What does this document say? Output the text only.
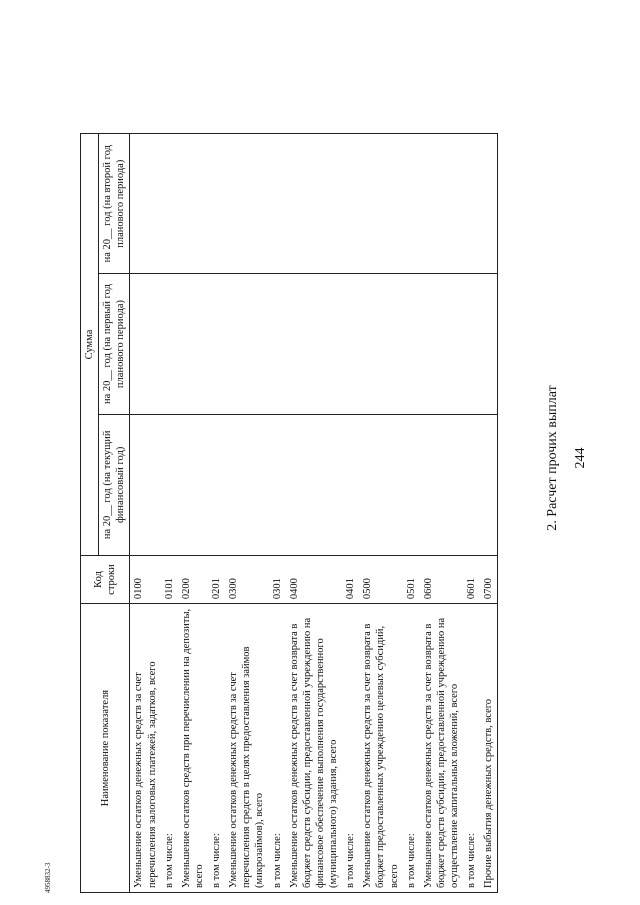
244
2. Расчет прочих выплат
Наименование показателя	Код строки	Сумма		
		на 20__ год (на текущий финансовый год)	на 20__ год (на первый год планового периода)	на 20__ год (на второй год планового периода)
Уменьшение остатков денежных средств за счет перечисления залоговых платежей, задатков, всего	0100			
в том числе:	0101			
Уменьшение остатков средств при перечислении на депозиты, всего	0200			
в том числе:	0201			
Уменьшение остатков денежных средств за счет перечисления средств в целях предоставления займов (микрозаймов), всего	0300			
в том числе:	0301			
Уменьшение остатков денежных средств за счет возврата в бюджет средств субсидии, предоставленной учреждению на финансовое обеспечение выполнения государственного (муниципального) задания, всего	0400			
в том числе:	0401			
Уменьшение остатков денежных средств за счет возврата в бюджет предоставленных учреждению целевых субсидий, всего	0500			
в том числе:	0501			
Уменьшение остатков денежных средств за счет возврата в бюджет средств субсидии, предоставленной учреждению на осуществление капитальных вложений, всего	0600			
в том числе:	0601			
Прочие выбытия денежных средств, всего	0700			
4958832-3
